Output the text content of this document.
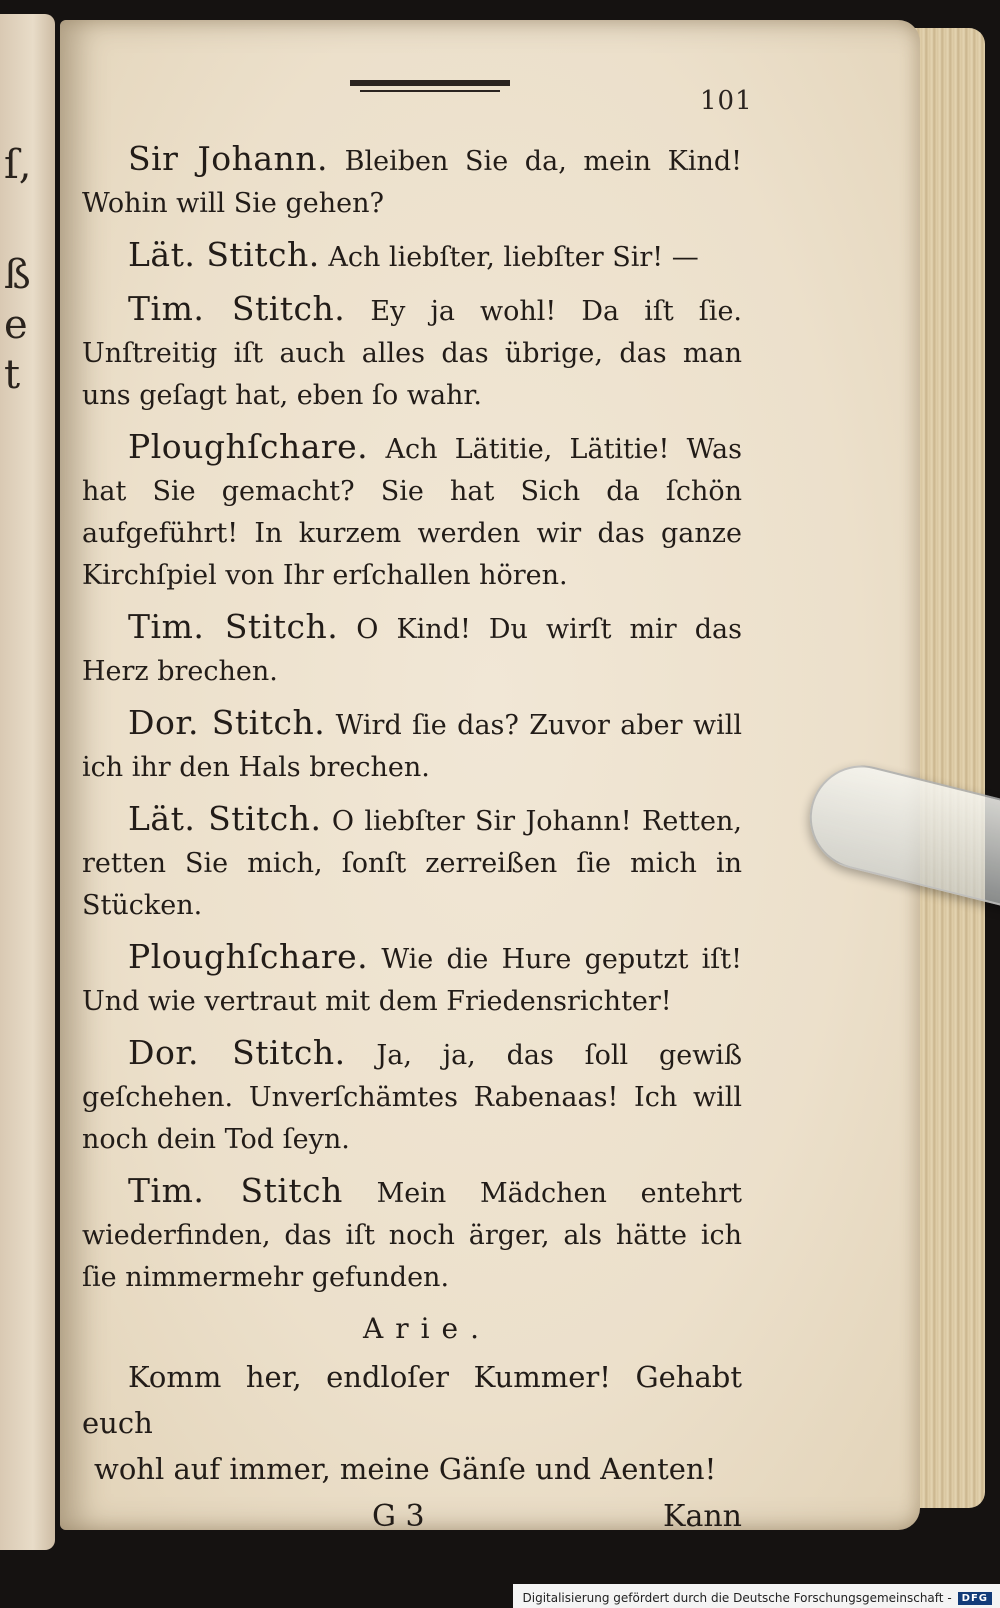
ſ,
ß
e
t
101

Sir Johann. Bleiben Sie da, mein Kind! Wohin will Sie gehen?

Lät. Stitch. Ach liebſter, liebſter Sir! —

Tim. Stitch. Ey ja wohl! Da iſt ſie. Unſtreitig iſt auch alles das übrige, das man uns geſagt hat, eben ſo wahr.

Ploughſchare. Ach Lätitie, Lätitie! Was hat Sie gemacht? Sie hat Sich da ſchön aufgeführt! In kurzem werden wir das ganze Kirchſpiel von Ihr erſchallen hören.

Tim. Stitch. O Kind! Du wirſt mir das Herz brechen.

Dor. Stitch. Wird ſie das? Zuvor aber will ich ihr den Hals brechen.

Lät. Stitch. O liebſter Sir Johann! Retten, retten Sie mich, ſonſt zerreißen ſie mich in Stücken.

Ploughſchare. Wie die Hure geputzt iſt! Und wie vertraut mit dem Friedensrichter!

Dor. Stitch. Ja, ja, das ſoll gewiß geſchehen. Unverſchämtes Rabenaas! Ich will noch dein Tod ſeyn.

Tim. Stitch Mein Mädchen entehrt wiederfinden, das iſt noch ärger, als hätte ich ſie nimmermehr gefunden.

Arie.

Komm her, endloſer Kummer! Gehabt euch

wohl auf immer, meine Gänſe und Aenten!

G 3	Kann
Digitalisierung gefördert durch die Deutsche Forschungsgemeinschaft -	DFG
